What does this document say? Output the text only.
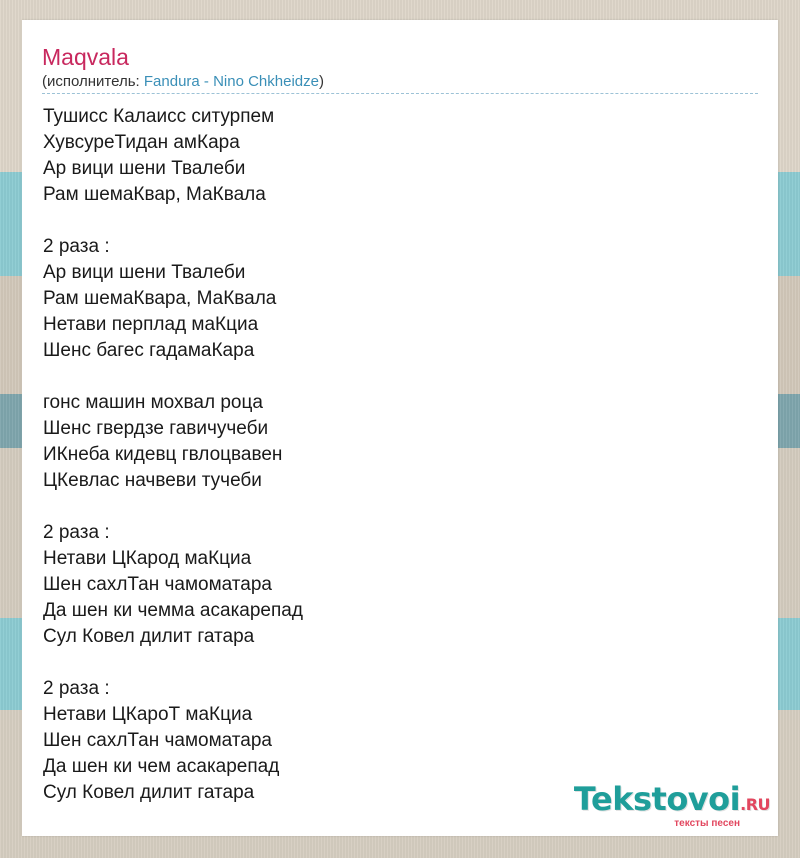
Maqvala
(исполнитель: Fandura - Nino Chkheidze)
Тушисс Калаисс ситурпем
ХувсуреТидан амКара
Ар вици шени Твалеби
Рам шемаКвар, МаКвала
2 раза :
Ар вици шени Твалеби
Рам шемаКвара, МаКвала
Нетави перплад маКциа
Шенс багес гадамаКара
гонс машин мохвал роца
Шенс гвердзе гавичучеби
ИКнеба кидевц гвлоцвавен
ЦКевлас начвеви тучеби
2 раза :
Нетави ЦКарод маКциа
Шен сахлТан чамоматара
Да шен ки чемма асакарепад
Сул Ковел дилит гатара
2 раза :
Нетави ЦКароТ маКциа
Шен сахлТан чамоматара
Да шен ки чем асакарепад
Сул Ковел дилит гатара	Tekstovoi.RU
тексты песен
